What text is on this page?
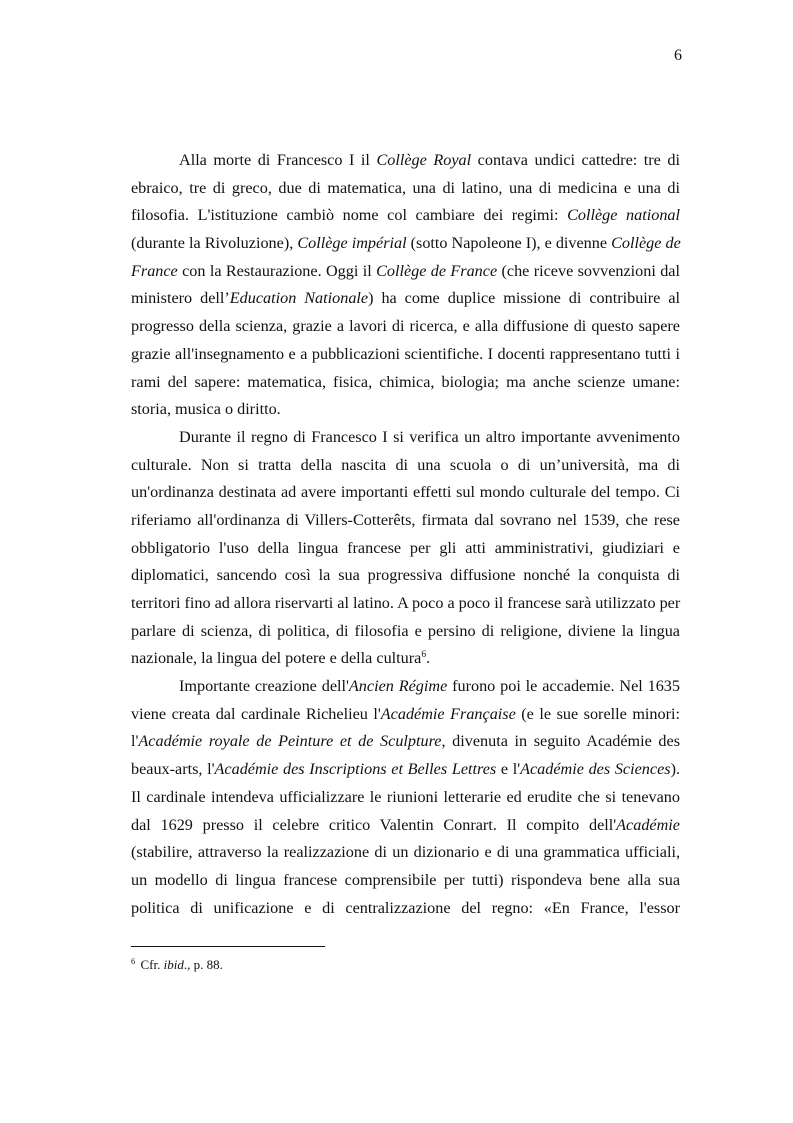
6
Alla morte di Francesco I il Collège Royal contava undici cattedre: tre di
ebraico, tre di greco, due di matematica, una di latino, una di medicina e una di
filosofia. L'istituzione cambiò nome col cambiare dei regimi: Collège national
(durante la Rivoluzione), Collège impérial (sotto Napoleone I), e divenne Collège de
France con la Restaurazione. Oggi il Collège de France (che riceve sovvenzioni dal
ministero dell’Education Nationale) ha come duplice missione di contribuire al
progresso della scienza, grazie a lavori di ricerca, e alla diffusione di questo sapere
grazie all'insegnamento e a pubblicazioni scientifiche. I docenti rappresentano tutti i
rami del sapere: matematica, fisica, chimica, biologia; ma anche scienze umane:
storia, musica o diritto.
Durante il regno di Francesco I si verifica un altro importante avvenimento
culturale. Non si tratta della nascita di una scuola o di un’università, ma di
un'ordinanza destinata ad avere importanti effetti sul mondo culturale del tempo. Ci
riferiamo all'ordinanza di Villers-Cotterêts, firmata dal sovrano nel 1539, che rese
obbligatorio l'uso della lingua francese per gli atti amministrativi, giudiziari e
diplomatici, sancendo così la sua progressiva diffusione nonché la conquista di
territori fino ad allora riservarti al latino. A poco a poco il francese sarà utilizzato per
parlare di scienza, di politica, di filosofia e persino di religione, diviene la lingua
nazionale, la lingua del potere e della cultura$^6$.
Importante creazione dell'Ancien Régime furono poi le accademie. Nel 1635
viene creata dal cardinale Richelieu l'Académie Française (e le sue sorelle minori:
l'Académie royale de Peinture et de Sculpture, divenuta in seguito Académie des
beaux-arts, l'Académie des Inscriptions et Belles Lettres e l'Académie des Sciences).
Il cardinale intendeva ufficializzare le riunioni letterarie ed erudite che si tenevano
dal 1629 presso il celebre critico Valentin Conrart. Il compito dell'Académie
(stabilire, attraverso la realizzazione di un dizionario e di una grammatica ufficiali,
un modello di lingua francese comprensibile per tutti) rispondeva bene alla sua
politica di unificazione e di centralizzazione del regno: «En France, l'essor
$^6$ Cfr. ibid., p. 88.
